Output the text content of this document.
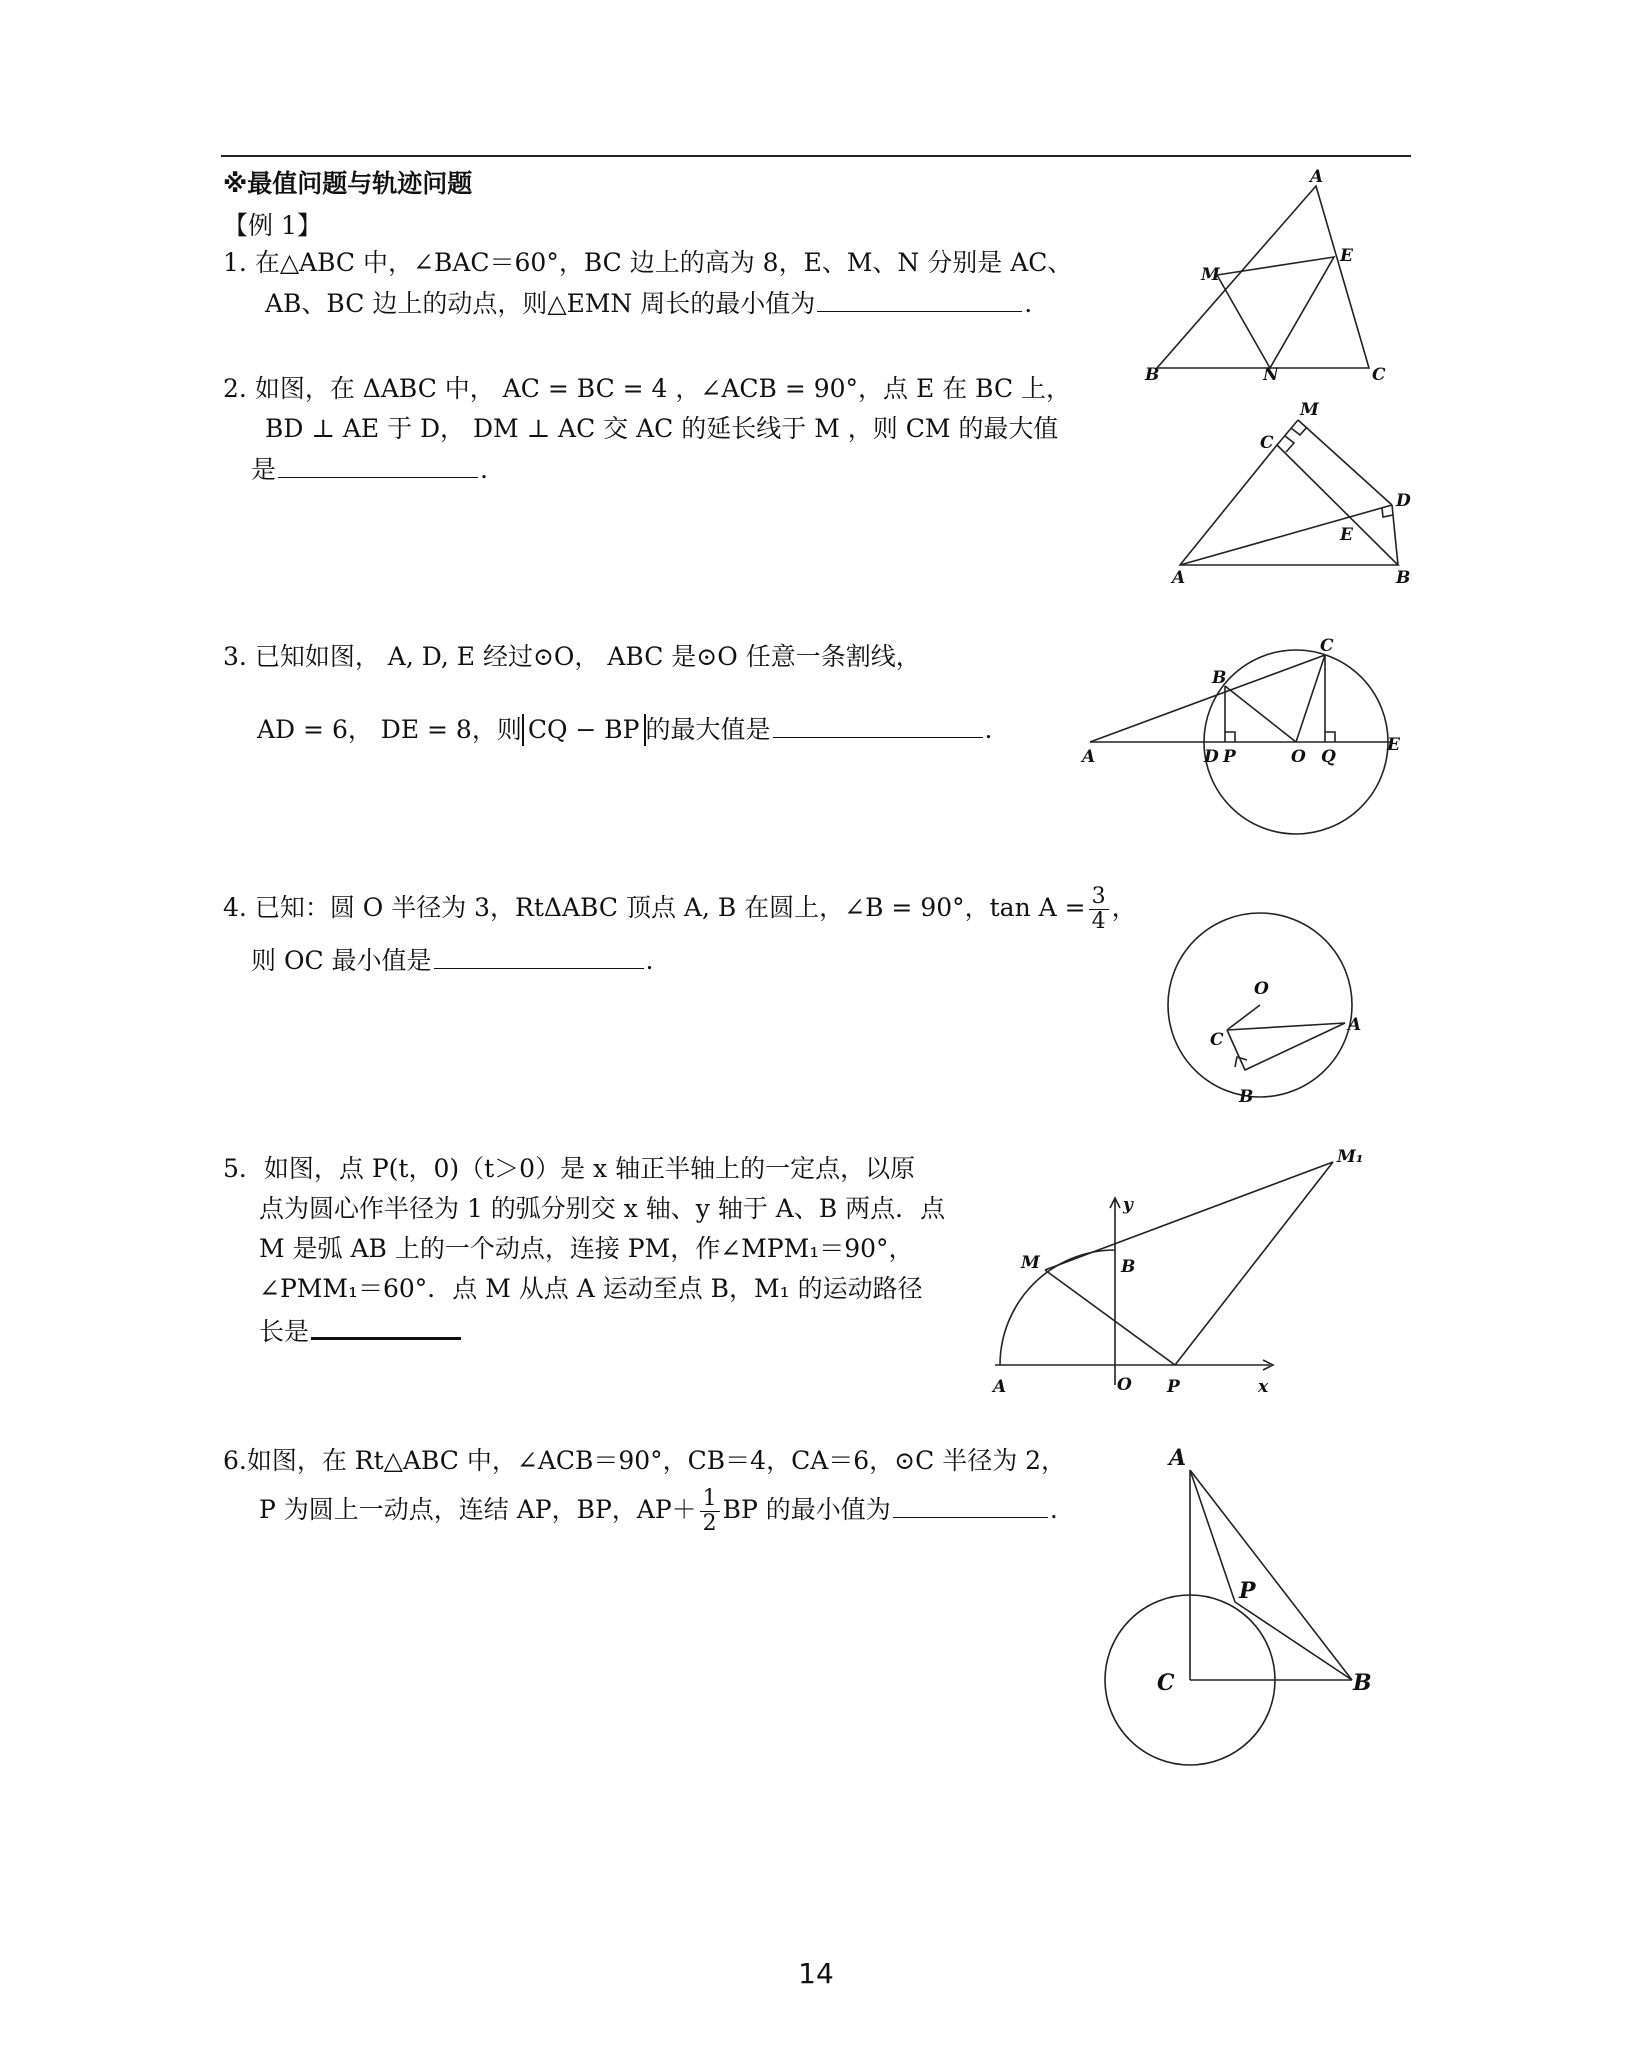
※最值问题与轨迹问题
【例 1】
1. 在△ABC 中，∠BAC＝60°，BC 边上的高为 8，E、M、N 分别是 AC、
AB、BC 边上的动点，则△EMN 周长的最小值为	.
2. 如图，在 ΔABC 中， AC = BC = 4 ，∠ACB = 90°，点 E 在 BC 上，
BD ⊥ AE 于 D， DM ⊥ AC 交 AC 的延长线于 M ，则 CM 的最大值
是	.
3. 已知如图， A, D, E 经过⊙O， ABC 是⊙O 任意一条割线，
AD = 6， DE = 8，则 CQ − BP 的最大值是	.
4. 已知：圆 O 半径为 3，RtΔABC 顶点 A, B 在圆上，∠B = 90°，$\tan A = \frac{3}{4}$ ，
则 OC 最小值是	.
5．如图，点 P(t，0)（t＞0）是 x 轴正半轴上的一定点，以原
点为圆心作半径为 1 的弧分别交 x 轴、y 轴于 A、B 两点．点
M 是弧 AB 上的一个动点，连接 PM，作∠MPM₁＝90°，
∠PMM₁＝60°．点 M 从点 A 运动至点 B，M₁ 的运动路径
长是
6.如图，在 Rt△ABC 中，∠ACB＝90°，CB＝4，CA＝6，⊙C 半径为 2，
P 为圆上一动点，连结 AP，BP，$AP+ \frac{1}{2}$ BP 的最小值为	.
A
E
M
B	N	C
M
C
D
E
A	B
C
B
A	D P	O Q
E
O
C
A
B
M₁
y
M	B
A	O P	x
A
P
C	B
14
